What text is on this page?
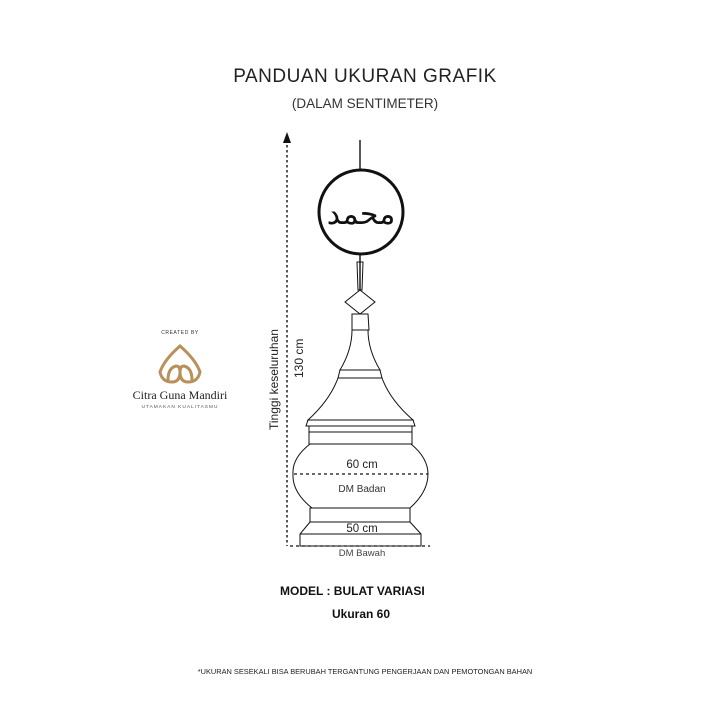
PANDUAN UKURAN GRAFIK
(DALAM SENTIMETER)
Tinggi keseluruhan 130 cm
محمد
60 cm
DM Badan
50 cm
DM Bawah
CREATED BY
Citra Guna Mandiri
UTAMAKAN KUALITASMU
MODEL : BULAT VARIASI
Ukuran 60
*UKURAN SESEKALI BISA BERUBAH TERGANTUNG PENGERJAAN DAN PEMOTONGAN BAHAN
